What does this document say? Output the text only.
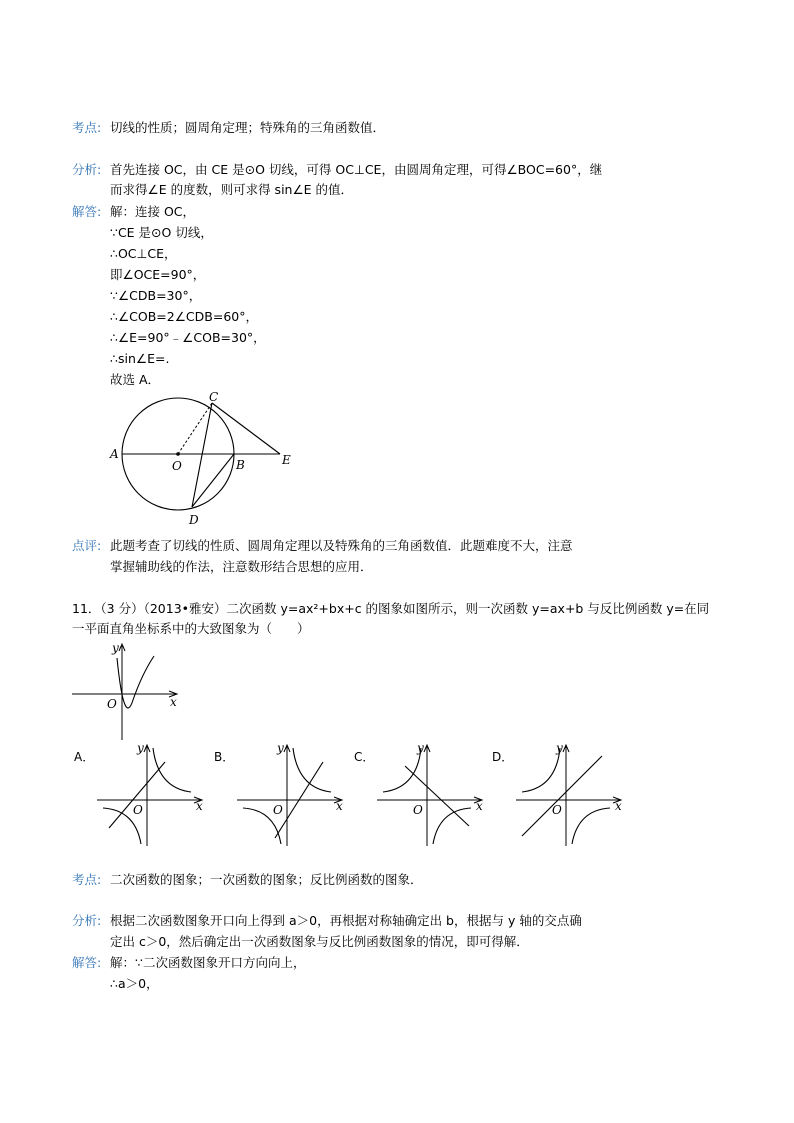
考点: 切线的性质；圆周角定理；特殊角的三角函数值．
分析: 首先连接 OC，由 CE 是⊙O 切线，可得 OC⊥CE，由圆周角定理，可得∠BOC=60°，继
而求得∠E 的度数，则可求得 sin∠E 的值．
解答: 解：连接 OC，
∵CE 是⊙O 切线，
∴OC⊥CE，
即∠OCE=90°，
∵∠CDB=30°，
∴∠COB=2∠CDB=60°，
∴∠E=90°﹣∠COB=30°，
∴sin∠E=.
故选 A．
A
O	B
C
D
E
点评: 此题考查了切线的性质、圆周角定理以及特殊角的三角函数值．此题难度不大，注意
掌握辅助线的作法，注意数形结合思想的应用．
11．（3 分）（2013•雅安）二次函数 y=ax²+bx+c 的图象如图所示，则一次函数 y=ax+b 与反比例函数 y=在同
一平面直角坐标系中的大致图象为（　　）
y
x
O
A．	B．	C．	D．
y
x
O
y
x
O
y
x
O
y
x
O
考点: 二次函数的图象；一次函数的图象；反比例函数的图象．
分析: 根据二次函数图象开口向上得到 a＞0，再根据对称轴确定出 b，根据与 y 轴的交点确
定出 c＞0，然后确定出一次函数图象与反比例函数图象的情况，即可得解．
解答: 解：∵二次函数图象开口方向向上，
∴a＞0，
